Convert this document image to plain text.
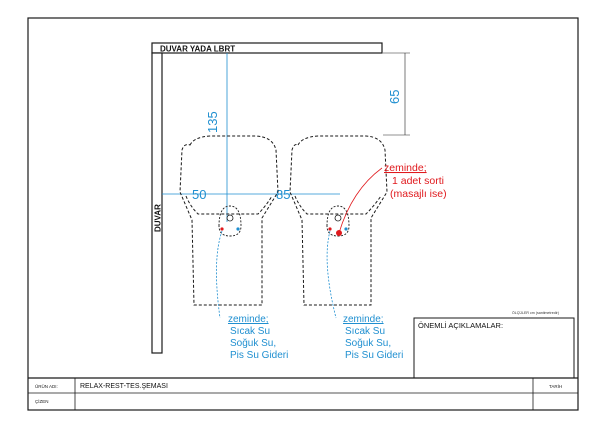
DUVAR YADA LBRT
DUVAR
65
135
50	85
zeminde;
1 adet sorti
(masajlı ise)
zeminde;
Sıcak Su
Soğuk Su,
Pis Su Gideri
zeminde;
Sıcak Su
Soğuk Su,
Pis Su Gideri
ÖLÇÜLER cm (santimetredir)
ÖNEMLİ AÇIKLAMALAR:
ÜRÜN ADI:	RELAX-REST-TES.ŞEMASI
ÇİZEN
TARİH
